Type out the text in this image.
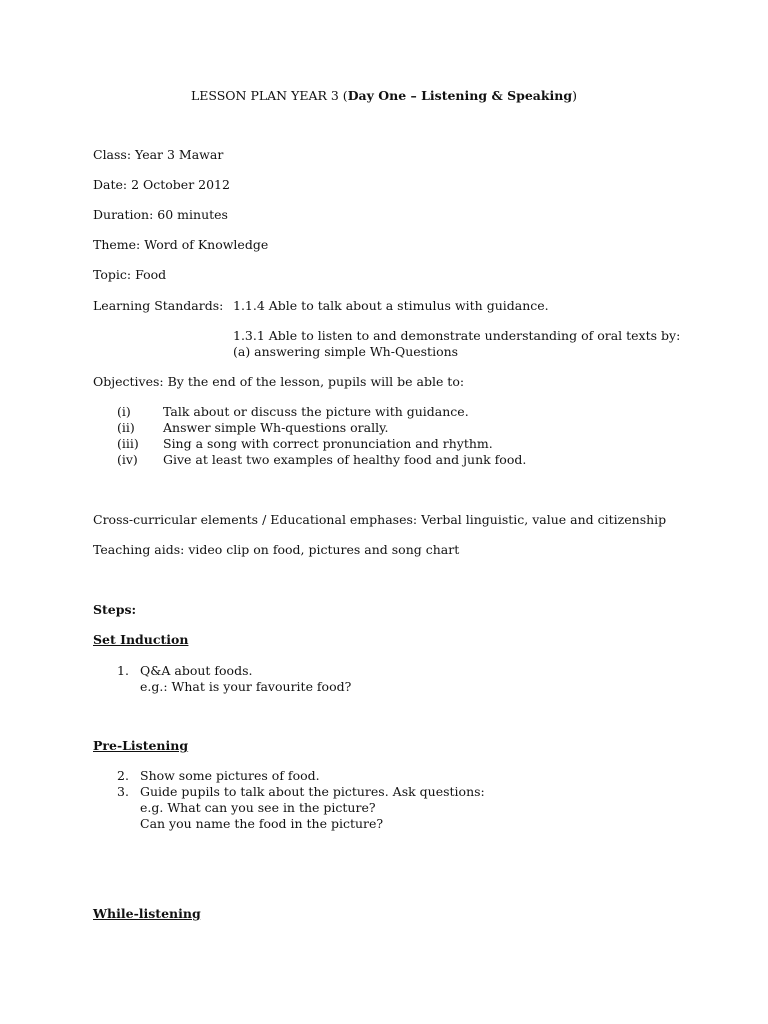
LESSON PLAN YEAR 3 (Day One – Listening & Speaking)
Class: Year 3 Mawar
Date: 2 October 2012
Duration: 60 minutes
Theme: Word of Knowledge
Topic: Food
Learning Standards: 1.1.4 Able to talk about a stimulus with guidance.
1.3.1 Able to listen to and demonstrate understanding of oral texts by:
(a) answering simple Wh-Questions
Objectives: By the end of the lesson, pupils will be able to:
(i)	Talk about or discuss the picture with guidance.
(ii) Answer simple Wh-questions orally.
(iii) Sing a song with correct pronunciation and rhythm.
(iv) Give at least two examples of healthy food and junk food.
Cross-curricular elements / Educational emphases: Verbal linguistic, value and citizenship
Teaching aids: video clip on food, pictures and song chart
Steps:
Set Induction
1. Q&A about foods.
e.g.: What is your favourite food?
Pre-Listening
2. Show some pictures of food.
3. Guide pupils to talk about the pictures. Ask questions:
e.g. What can you see in the picture?
Can you name the food in the picture?
While-listening
